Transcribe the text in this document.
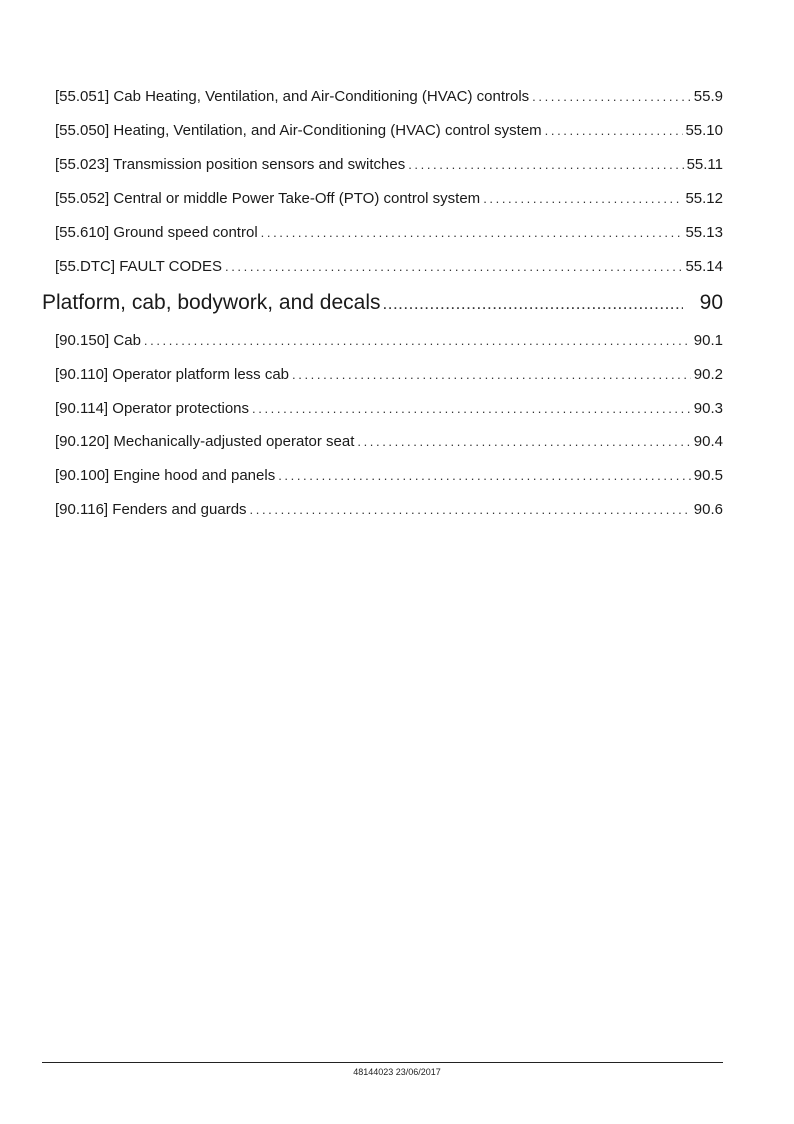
[55.051] Cab Heating, Ventilation, and Air-Conditioning (HVAC) controls .....	55.9
[55.050] Heating, Ventilation, and Air-Conditioning (HVAC) control system .....	55.10
[55.023] Transmission position sensors and switches .....	55.11
[55.052] Central or middle Power Take-Off (PTO) control system .....	55.12
[55.610] Ground speed control .....	55.13
[55.DTC] FAULT CODES .....	55.14
Platform, cab, bodywork, and decals .....	90
[90.150] Cab .....	90.1
[90.110] Operator platform less cab .....	90.2
[90.114] Operator protections .....	90.3
[90.120] Mechanically-adjusted operator seat .....	90.4
[90.100] Engine hood and panels .....	90.5
[90.116] Fenders and guards .....	90.6
48144023 23/06/2017
